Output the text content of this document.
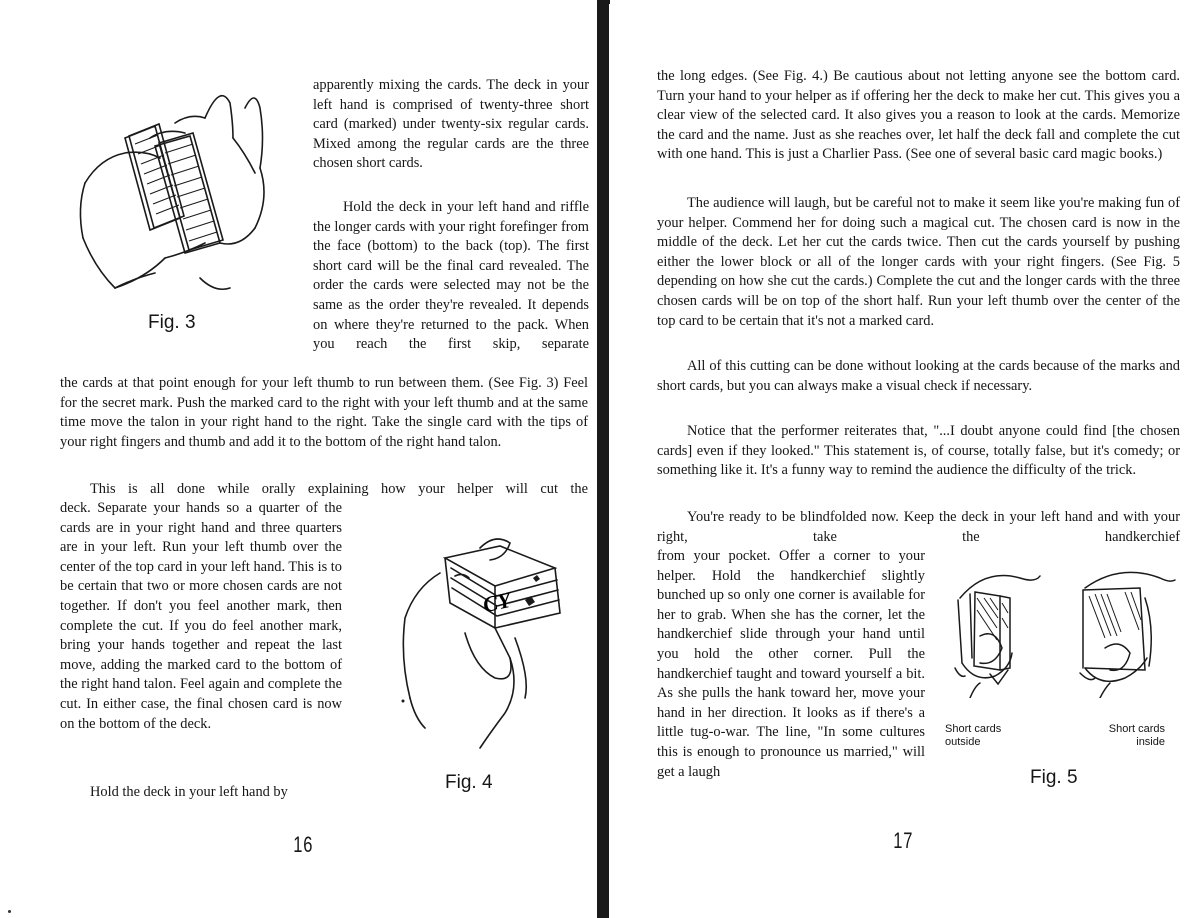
Fig. 3

apparently mixing the cards. The deck in your left hand is comprised of twenty-three short card (marked) under twenty-six regular cards. Mixed among the regular cards are the three chosen short cards.

Hold the deck in your left hand and riffle the longer cards with your right forefinger from the face (bottom) to the back (top). The first short card will be the final card revealed. The order the cards were selected may not be the same as the order they're revealed. It depends on where they're returned to the pack. When you reach the first skip, separate

the cards at that point enough for your left thumb to run between them. (See Fig. 3) Feel for the secret mark. Push the marked card to the right with your left thumb and at the same time move the talon in your right hand to the right. Take the single card with the tips of your right fingers and thumb and add it to the bottom of the right hand talon.

This is all done while orally explaining how your helper will cut the

deck. Separate your hands so a quarter of the cards are in your right hand and three quarters are in your left. Run your left thumb over the center of the top card in your left hand. This is to be certain that two or more chosen cards are not together. If don't you feel another mark, then complete the cut. If you do feel another mark, bring your hands together and repeat the last move, adding the marked card to the bottom of the right hand talon. Feel again and complete the cut. In either case, the final chosen card is now on the bottom of the deck.

Hold the deck in your left hand by

CY
Fig. 4
16

the long edges. (See Fig. 4.) Be cautious about not letting anyone see the bottom card. Turn your hand to your helper as if offering her the deck to make her cut. This gives you a clear view of the selected card. It also gives you a reason to look at the cards. Memorize the card and the name. Just as she reaches over, let half the deck fall and complete the cut with one hand. This is just a Charlier Pass. (See one of several basic card magic books.)

The audience will laugh, but be careful not to make it seem like you're making fun of your helper. Commend her for doing such a magical cut. The chosen card is now in the middle of the deck. Let her cut the cards twice. Then cut the cards yourself by pushing either the lower block or all of the longer cards with your right fingers. (See Fig. 5 depending on how she cut the cards.) Complete the cut and the longer cards with the three chosen cards will be on top of the short half. Run your left thumb over the center of the top card to be certain that it's not a marked card.

All of this cutting can be done without looking at the cards because of the marks and short cards, but you can always make a visual check if necessary.

Notice that the performer reiterates that, "...I doubt anyone could find [the chosen cards] even if they looked." This statement is, of course, totally false, but it's comedy; or something like it. It's a funny way to remind the audience the difficulty of the trick.

You're ready to be blindfolded now. Keep the deck in your left hand and with your right, take the handkerchief

from your pocket. Offer a corner to your helper. Hold the handkerchief slightly bunched up so only one corner is available for her to grab. When she has the corner, let the handkerchief slide through your hand until you hold the other corner. Pull the handkerchief taught and toward yourself a bit. As she pulls the hank toward her, move your hand in her direction. It looks as if there's a little tug-o-war. The line, "In some cultures this is enough to pronounce us married," will get a laugh

Short cards outside
Short cards inside
Fig. 5
17
